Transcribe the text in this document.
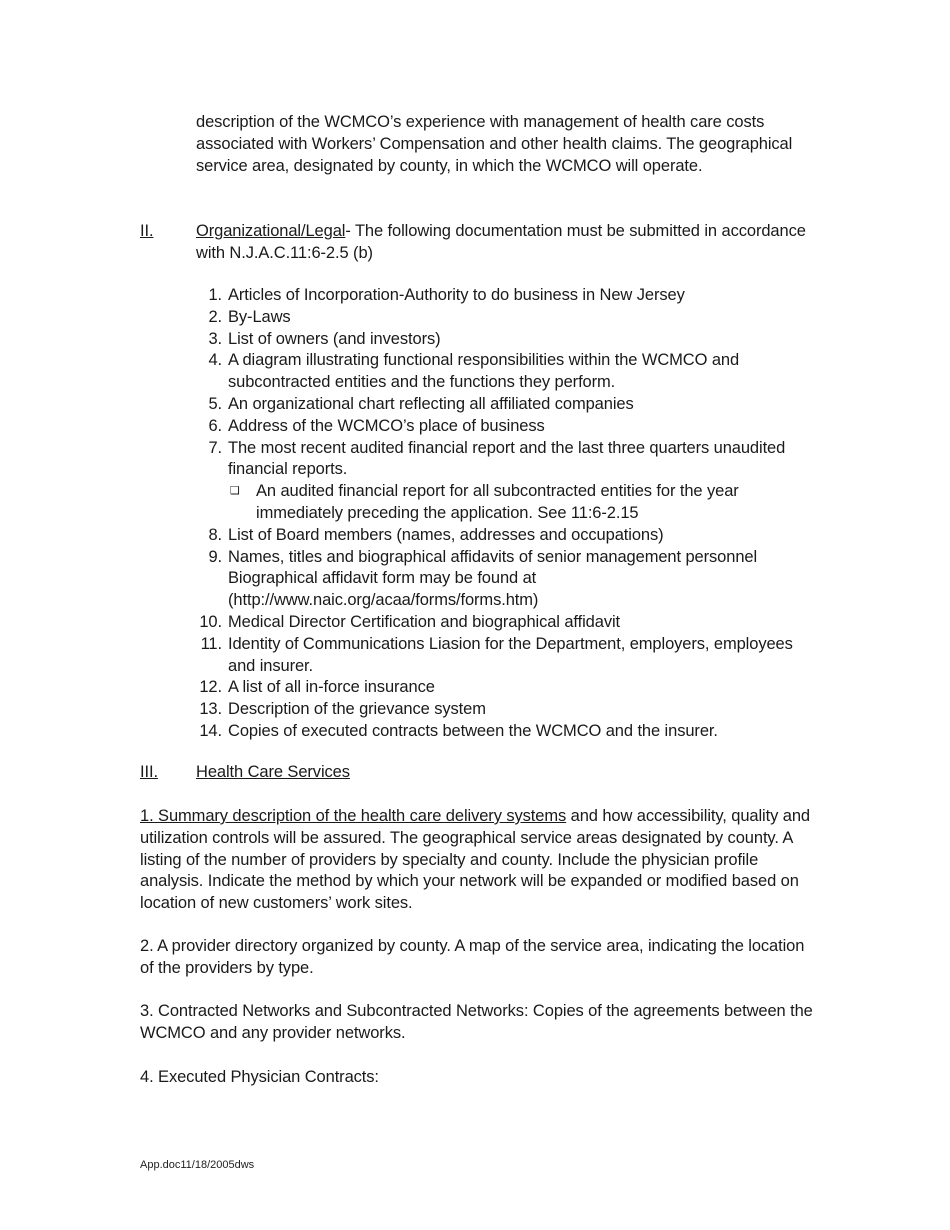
description of the WCMCO’s experience with management of health care costs associated with Workers’ Compensation and other health claims. The geographical service area, designated by county, in which the WCMCO will operate.
II.	Organizational/Legal- The following documentation must be submitted in accordance with N.J.A.C.11:6-2.5 (b)
1. Articles of Incorporation-Authority to do business in New Jersey
2. By-Laws
3. List of owners (and investors)
4. A diagram illustrating functional responsibilities within the WCMCO and subcontracted entities and the functions they perform.
5. An organizational chart reflecting all affiliated companies
6. Address of the WCMCO’s place of business
7. The most recent audited financial report and the last three quarters unaudited financial reports.
❑ An audited financial report for all subcontracted entities for the year immediately preceding the application. See 11:6-2.15
8. List of Board members (names, addresses and occupations)
9. Names, titles and biographical affidavits of senior management personnel Biographical affidavit form may be found at (http://www.naic.org/acaa/forms/forms.htm)
10. Medical Director Certification and biographical affidavit
11. Identity of Communications Liasion for the Department, employers, employees and insurer.
12. A list of all in-force insurance
13. Description of the grievance system
14. Copies of executed contracts between the WCMCO and the insurer.
III. Health Care Services
1. Summary description of the health care delivery systems and how accessibility, quality and utilization controls will be assured. The geographical service areas designated by county. A listing of the number of providers by specialty and county. Include the physician profile analysis. Indicate the method by which your network will be expanded or modified based on location of new customers’ work sites.
2. A provider directory organized by county. A map of the service area, indicating the location of the providers by type.
3. Contracted Networks and Subcontracted Networks: Copies of the agreements between the WCMCO and any provider networks.
4. Executed Physician Contracts:
App.doc11/18/2005dws
